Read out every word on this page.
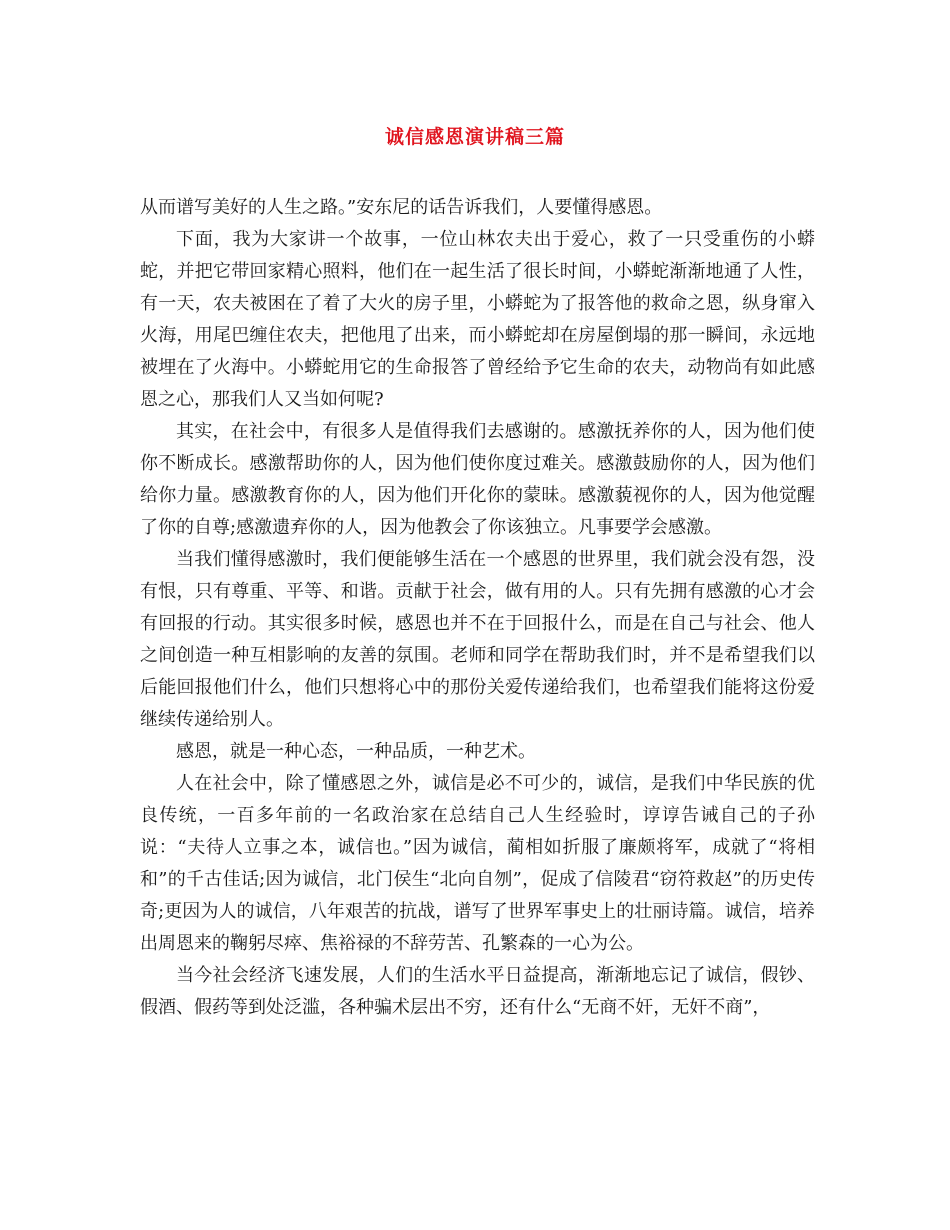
诚信感恩演讲稿三篇

从而谱写美好的人生之路。”安东尼的话告诉我们，人要懂得感恩。

下面，我为大家讲一个故事，一位山林农夫出于爱心，救了一只受重伤的小蟒蛇，并把它带回家精心照料，他们在一起生活了很长时间，小蟒蛇渐渐地通了人性，有一天，农夫被困在了着了大火的房子里，小蟒蛇为了报答他的救命之恩，纵身窜入火海，用尾巴缠住农夫，把他甩了出来，而小蟒蛇却在房屋倒塌的那一瞬间，永远地被埋在了火海中。小蟒蛇用它的生命报答了曾经给予它生命的农夫，动物尚有如此感恩之心，那我们人又当如何呢?

其实，在社会中，有很多人是值得我们去感谢的。感激抚养你的人，因为他们使你不断成长。感激帮助你的人，因为他们使你度过难关。感激鼓励你的人，因为他们给你力量。感激教育你的人，因为他们开化你的蒙昧。感激藐视你的人，因为他觉醒了你的自尊;感激遗弃你的人，因为他教会了你该独立。凡事要学会感激。

当我们懂得感激时，我们便能够生活在一个感恩的世界里，我们就会没有怨，没有恨，只有尊重、平等、和谐。贡献于社会，做有用的人。只有先拥有感激的心才会有回报的行动。其实很多时候，感恩也并不在于回报什么，而是在自己与社会、他人之间创造一种互相影响的友善的氛围。老师和同学在帮助我们时，并不是希望我们以后能回报他们什么，他们只想将心中的那份关爱传递给我们，也希望我们能将这份爱继续传递给别人。

感恩，就是一种心态，一种品质，一种艺术。

人在社会中，除了懂感恩之外，诚信是必不可少的，诚信，是我们中华民族的优良传统，一百多年前的一名政治家在总结自己人生经验时，谆谆告诫自己的子孙说：“夫待人立事之本，诚信也。”因为诚信，蔺相如折服了廉颇将军，成就了“将相和”的千古佳话;因为诚信，北门侯生“北向自刎”，促成了信陵君“窃符救赵”的历史传奇;更因为人的诚信，八年艰苦的抗战，谱写了世界军事史上的壮丽诗篇。诚信，培养出周恩来的鞠躬尽瘁、焦裕禄的不辞劳苦、孔繁森的一心为公。

当今社会经济飞速发展，人们的生活水平日益提高，渐渐地忘记了诚信，假钞、假酒、假药等到处泛滥，各种骗术层出不穷，还有什么“无商不奸，无奸不商”，
